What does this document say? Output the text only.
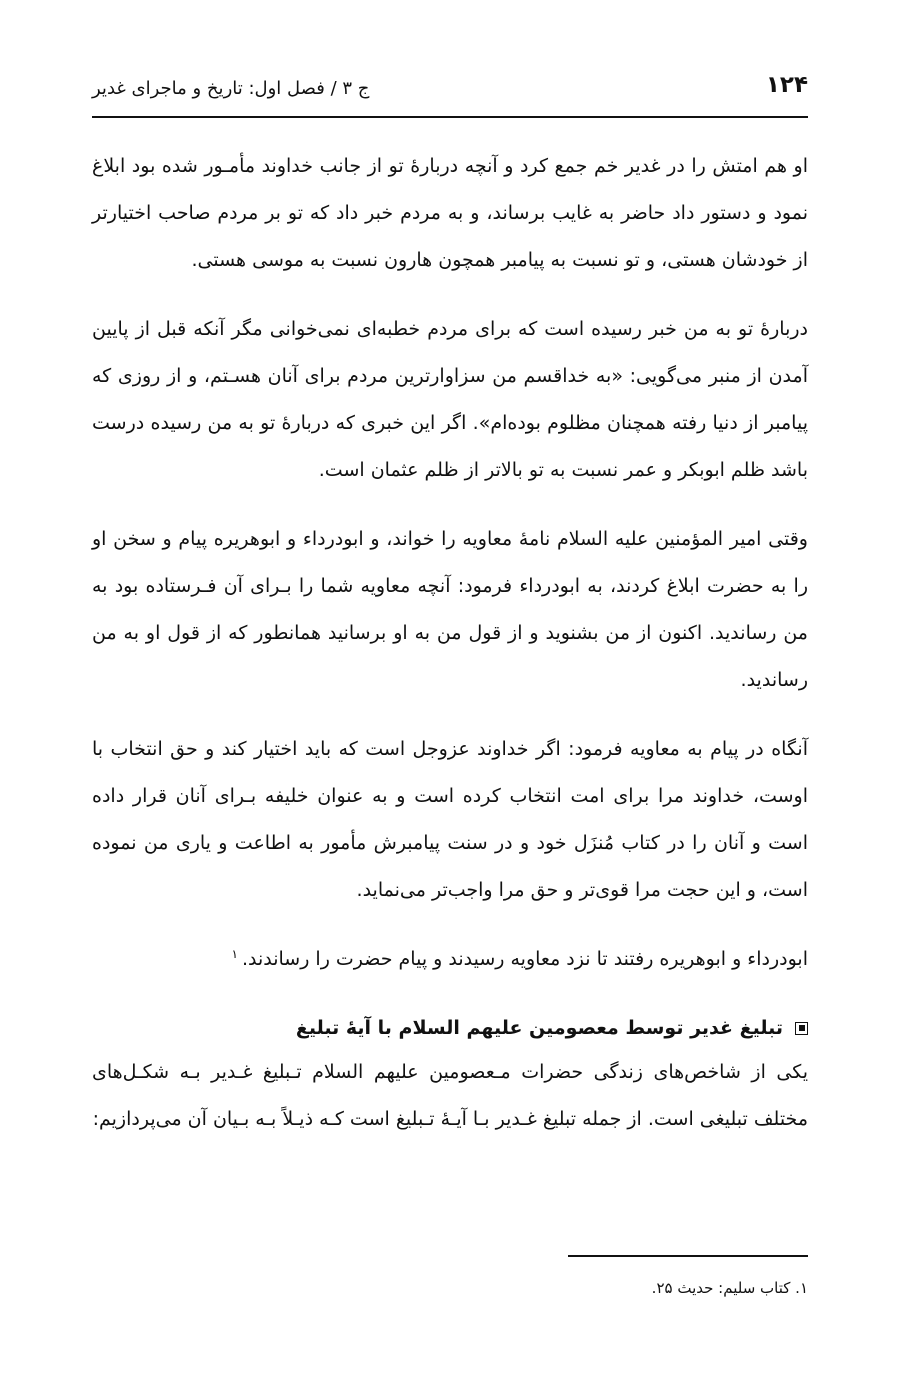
۱۲۴
ج ۳ / فصل اول: تاریخ و ماجرای غدیر

او هم امتش را در غدیر خم جمع کرد و آنچه دربارهٔ تو از جانب خداوند مأمـور شده بود ابلاغ نمود و دستور داد حاضر به غایب برساند، و به مردم خبر داد که تو بر مردم صاحب اختیارتر از خودشان هستی، و تو نسبت به پیامبر همچون هارون نسبت به موسی هستی.

دربارهٔ تو به من خبر رسیده است که برای مردم خطبه‌ای نمی‌خوانی مگر آنکه قبل از پایین آمدن از منبر می‌گویی: «به خداقسم من سزاوارترین مردم برای آنان هسـتم، و از روزی که پیامبر از دنیا رفته همچنان مظلوم بوده‌ام». اگر این خبری که دربارهٔ تو به من رسیده درست باشد ظلم ابوبکر و عمر نسبت به تو بالاتر از ظلم عثمان است.

وقتی امیر المؤمنین علیه السلام نامهٔ معاویه را خواند، و ابودرداء و ابوهریره پیام و سخن او را به حضرت ابلاغ کردند، به ابودرداء فرمود: آنچه معاویه شما را بـرای آن فـرستاده بود به من رساندید. اکنون از من بشنوید و از قول من به او برسانید همانطور که از قول او به من رساندید.

آنگاه در پیام به معاویه فرمود: اگر خداوند عزوجل است که باید اختیار کند و حق انتخاب با اوست، خداوند مرا برای امت انتخاب کرده است و به عنوان خلیفه بـرای آنان قرار داده است و آنان را در کتاب مُنزَل خود و در سنت پیامبرش مأمور به اطاعت و یاری من نموده است، و این حجت مرا قوی‌تر و حق مرا واجب‌تر می‌نماید.

ابودرداء و ابوهریره رفتند تا نزد معاویه رسیدند و پیام حضرت را رساندند.$^۱$

تبلیغ غدیر توسط معصومین علیهم السلام با آیهٔ تبلیغ

یکی از شاخص‌های زندگی حضرات مـعصومین علیهم السلام تـبلیغ غـدیر بـه شکـل‌های مختلف تبلیغی است. از جمله تبلیغ غـدیر بـا آیـهٔ تـبلیغ است کـه ذیـلاً بـه بـیان آن می‌پردازیم:

۱. کتاب سلیم: حدیث ۲۵.
